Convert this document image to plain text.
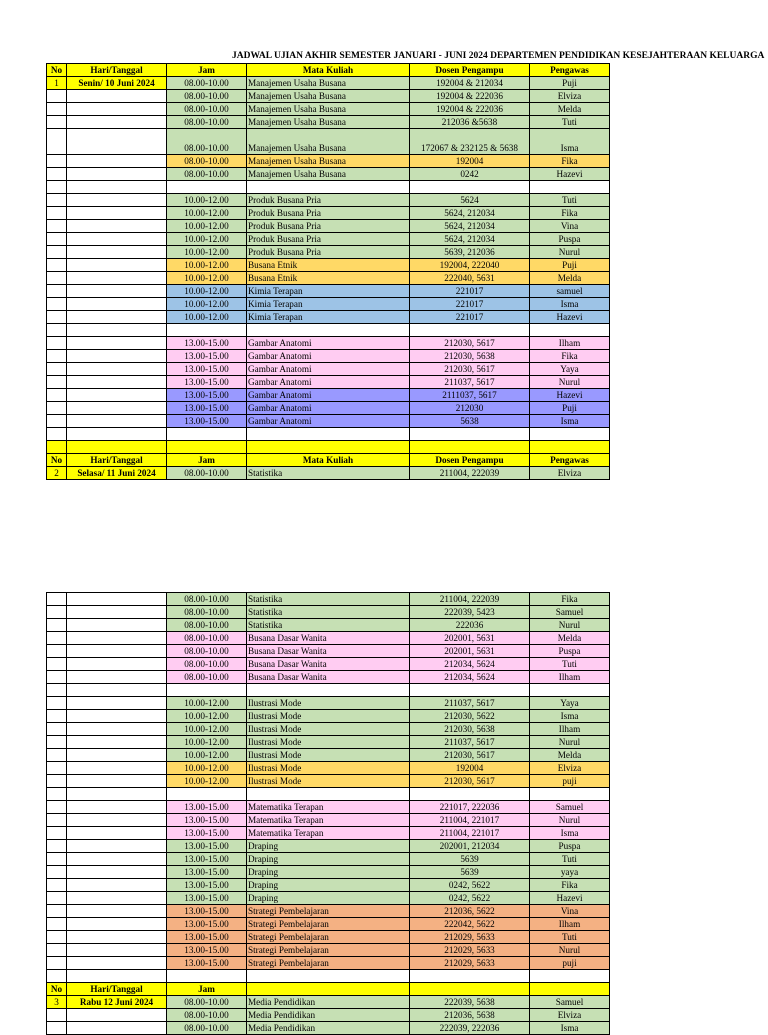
JADWAL UJIAN AKHIR SEMESTER JANUARI - JUNI 2024 DEPARTEMEN PENDIDIKAN KESEJAHTERAAN KELUARGA
No	Hari/Tanggal	Jam	Mata Kuliah	Dosen Pengampu	Pengawas
1	Senin/ 10 Juni 2024	08.00-10.00	Manajemen Usaha Busana	192004 & 212034	Puji
		08.00-10.00	Manajemen Usaha Busana	192004 & 222036	Elviza
		08.00-10.00	Manajemen Usaha Busana	192004 & 222036	Melda
		08.00-10.00	Manajemen Usaha Busana	212036 &5638	Tuti
		08.00-10.00	Manajemen Usaha Busana	172067 & 232125 & 5638	Isma
		08.00-10.00	Manajemen Usaha Busana	192004	Fika
		08.00-10.00	Manajemen Usaha Busana	0242	Hazevi

		10.00-12.00	Produk Busana Pria	5624	Tuti
		10.00-12.00	Produk Busana Pria	5624, 212034	Fika
		10.00-12.00	Produk Busana Pria	5624, 212034	Vina
		10.00-12.00	Produk Busana Pria	5624, 212034	Puspa
		10.00-12.00	Produk Busana Pria	5639, 212036	Nurul
		10.00-12.00	Busana Etnik	192004, 222040	Puji
		10.00-12.00	Busana Etnik	222040, 5631	Melda
		10.00-12.00	Kimia Terapan	221017	samuel
		10.00-12.00	Kimia Terapan	221017	Isma
		10.00-12.00	Kimia Terapan	221017	Hazevi

		13.00-15.00	Gambar Anatomi	212030, 5617	Ilham
		13.00-15.00	Gambar Anatomi	212030, 5638	Fika
		13.00-15.00	Gambar Anatomi	212030, 5617	Yaya
		13.00-15.00	Gambar Anatomi	211037, 5617	Nurul
		13.00-15.00	Gambar Anatomi	2111037, 5617	Hazevi
		13.00-15.00	Gambar Anatomi	212030	Puji
		13.00-15.00	Gambar Anatomi	5638	Isma

No	Hari/Tanggal	Jam	Mata Kuliah	Dosen Pengampu	Pengawas
2	Selasa/ 11 Juni 2024	08.00-10.00	Statistika	211004, 222039	Elviza
		08.00-10.00	Statistika	211004, 222039	Fika
		08.00-10.00	Statistika	222039, 5423	Samuel
		08.00-10.00	Statistika	222036	Nurul
		08.00-10.00	Busana Dasar Wanita	202001, 5631	Melda
		08.00-10.00	Busana Dasar Wanita	202001, 5631	Puspa
		08.00-10.00	Busana Dasar Wanita	212034, 5624	Tuti
		08.00-10.00	Busana Dasar Wanita	212034, 5624	Ilham

		10.00-12.00	Ilustrasi Mode	211037, 5617	Yaya
		10.00-12.00	Ilustrasi Mode	212030, 5622	Isma
		10.00-12.00	Ilustrasi Mode	212030, 5638	Ilham
		10.00-12.00	Ilustrasi Mode	211037, 5617	Nurul
		10.00-12.00	Ilustrasi Mode	212030, 5617	Melda
		10.00-12.00	Ilustrasi Mode	192004	Elviza
		10.00-12.00	Ilustrasi Mode	212030, 5617	puji

		13.00-15.00	Matematika Terapan	221017, 222036	Samuel
		13.00-15.00	Matematika Terapan	211004, 221017	Nurul
		13.00-15.00	Matematika Terapan	211004, 221017	Isma
		13.00-15.00	Draping	202001, 212034	Puspa
		13.00-15.00	Draping	5639	Tuti
		13.00-15.00	Draping	5639	yaya
		13.00-15.00	Draping	0242, 5622	Fika
		13.00-15.00	Draping	0242, 5622	Hazevi
		13.00-15.00	Strategi Pembelajaran	212036, 5622	Vina
		13.00-15.00	Strategi Pembelajaran	222042, 5622	Ilham
		13.00-15.00	Strategi Pembelajaran	212029, 5633	Tuti
		13.00-15.00	Strategi Pembelajaran	212029, 5633	Nurul
		13.00-15.00	Strategi Pembelajaran	212029, 5633	puji

No	Hari/Tanggal	Jam			
3	Rabu 12 Juni 2024	08.00-10.00	Media Pendidikan	222039, 5638	Samuel
		08.00-10.00	Media Pendidikan	212036, 5638	Elviza
		08.00-10.00	Media Pendidikan	222039, 222036	Isma
